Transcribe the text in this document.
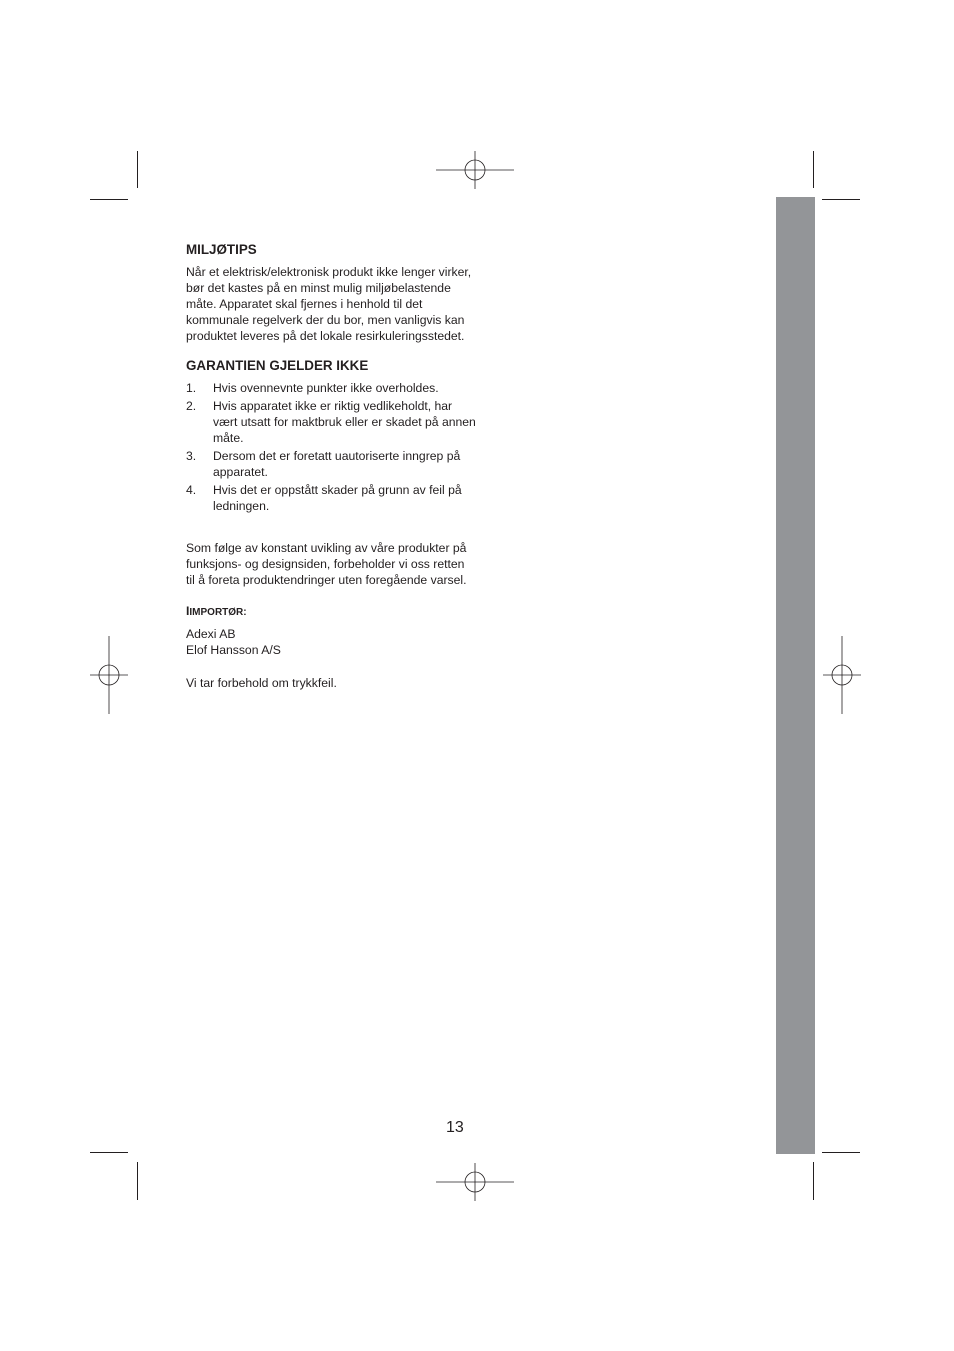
MILJØTIPS

Når et elektrisk/elektronisk produkt ikke lenger virker, bør det kastes på en minst mulig miljøbelastende måte. Apparatet skal fjernes i henhold til det kommunale regelverk der du bor, men vanligvis kan produktet leveres på det lokale resirkuleringsstedet.

GARANTIEN GJELDER IKKE
1.	Hvis ovennevnte punkter ikke overholdes.
2.	Hvis apparatet ikke er riktig vedlikeholdt, har vært utsatt for maktbruk eller er skadet på annen måte.
3.	Dersom det er foretatt uautoriserte inngrep på apparatet.
4.	Hvis det er oppstått skader på grunn av feil på ledningen.

Som følge av konstant uvikling av våre produkter på funksjons- og designsiden, forbeholder vi oss retten til å foreta produktendringer uten foregående varsel.

IIMPORTØR:

Adexi AB

Elof Hansson A/S

Vi tar forbehold om trykkfeil.

13
